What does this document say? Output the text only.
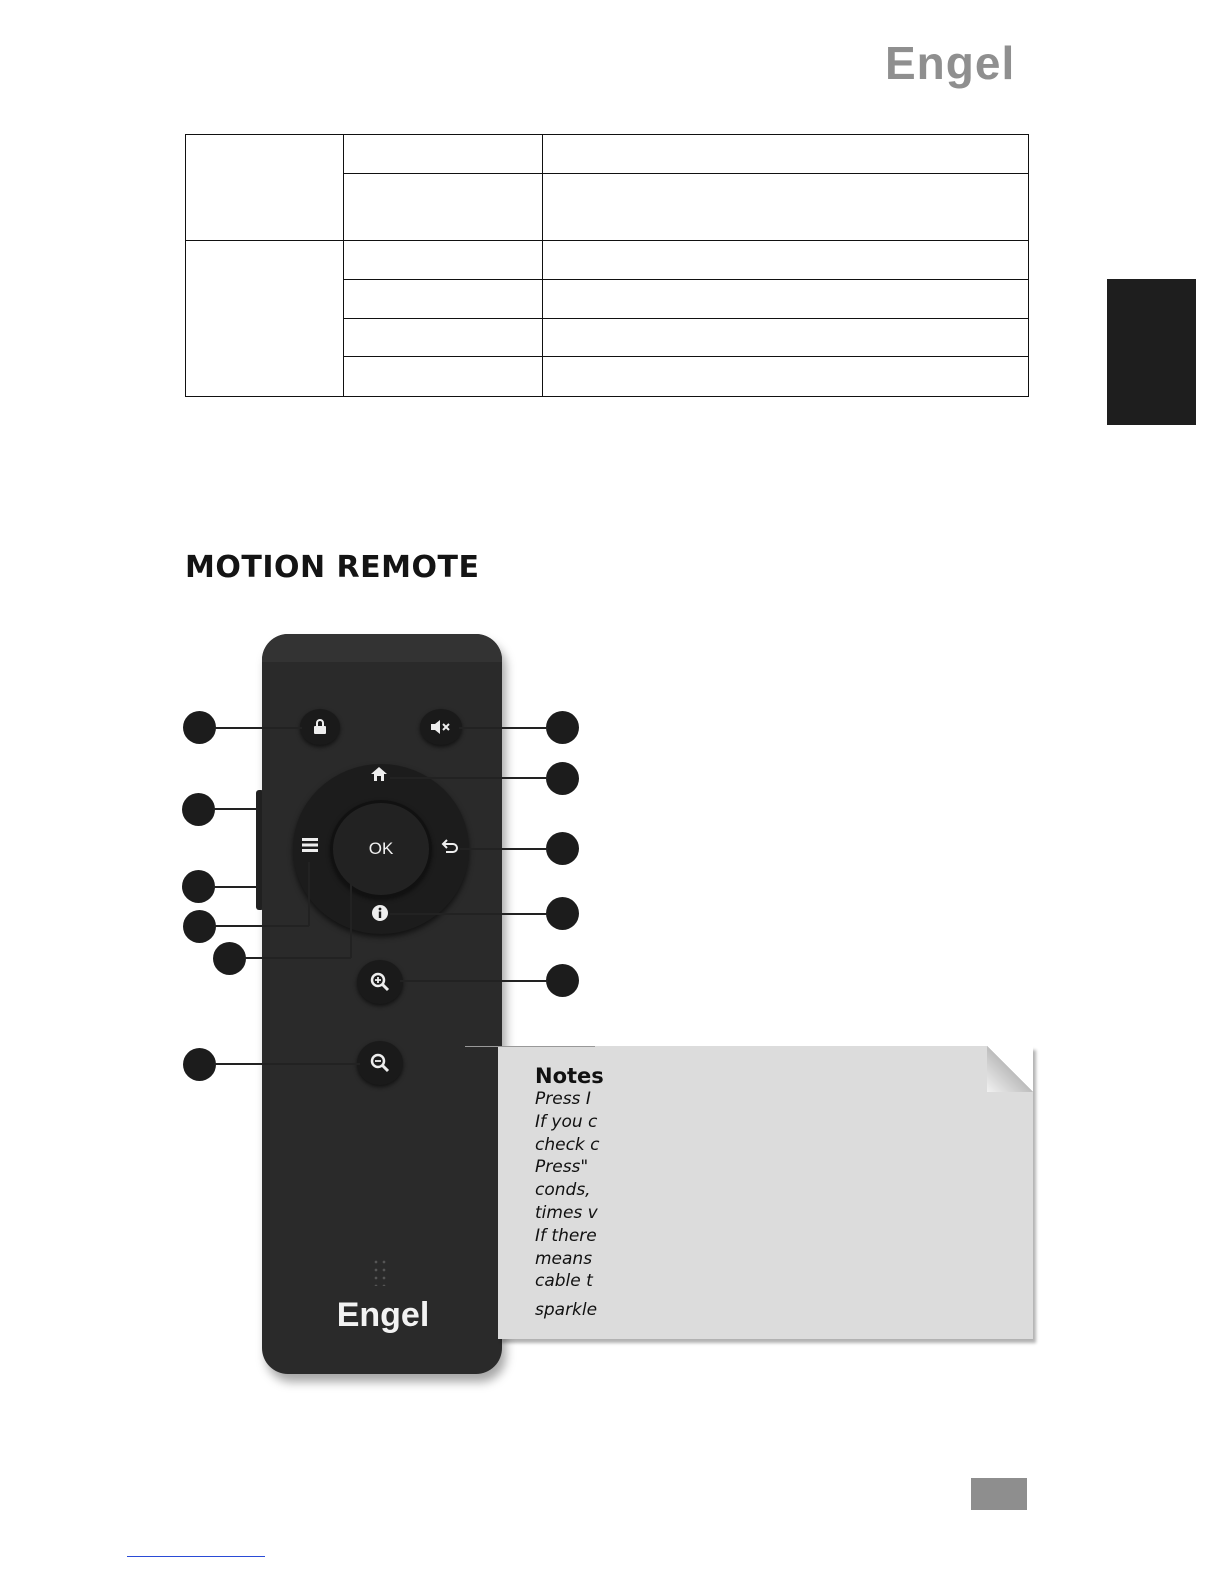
Engel

MOTION REMOTE
Engel
OK
Notes
Press I
If you c
check c
Press"
conds,
times v
If there
means
cable t
sparkle
